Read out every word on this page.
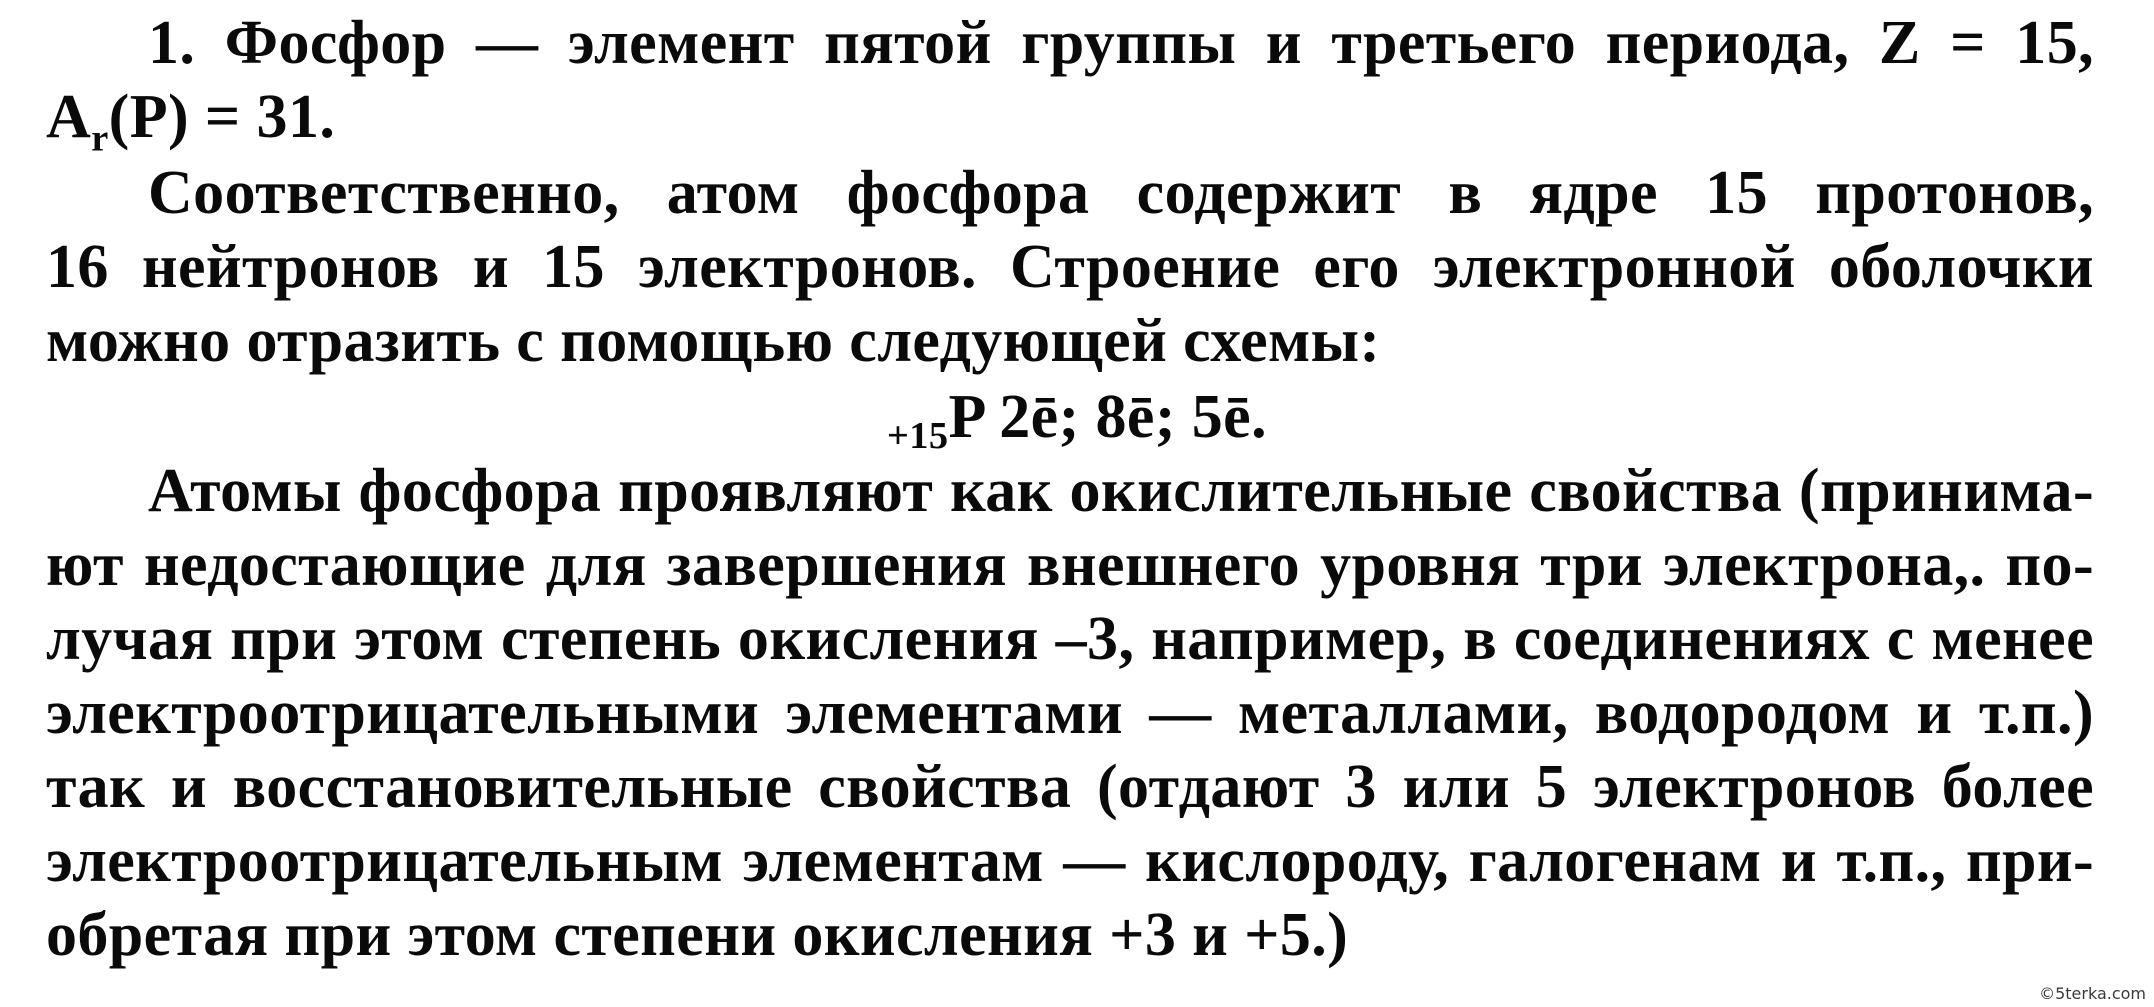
1. Фосфор — элемент пятой группы и третьего периода, Z = 15,
$A_r(P) = 31$.
Соответственно, атом фосфора содержит в ядре 15 протонов,
16 нейтронов и 15 электронов. Строение его электронной оболочки
можно отразить с помощью следующей схемы:
+15P 2ē; 8ē; 5ē.
Атомы фосфора проявляют как окислительные свойства (принима-
ют недостающие для завершения внешнего уровня три электрона,. по-
лучая при этом степень окисления –3, например, в соединениях с менее
электроотрицательными элементами — металлами, водородом и т.п.)
так и восстановительные свойства (отдают 3 или 5 электронов более
электроотрицательным элементам — кислороду, галогенам и т.п., при-
обретая при этом степени окисления +3 и +5.)
©5terka.com
